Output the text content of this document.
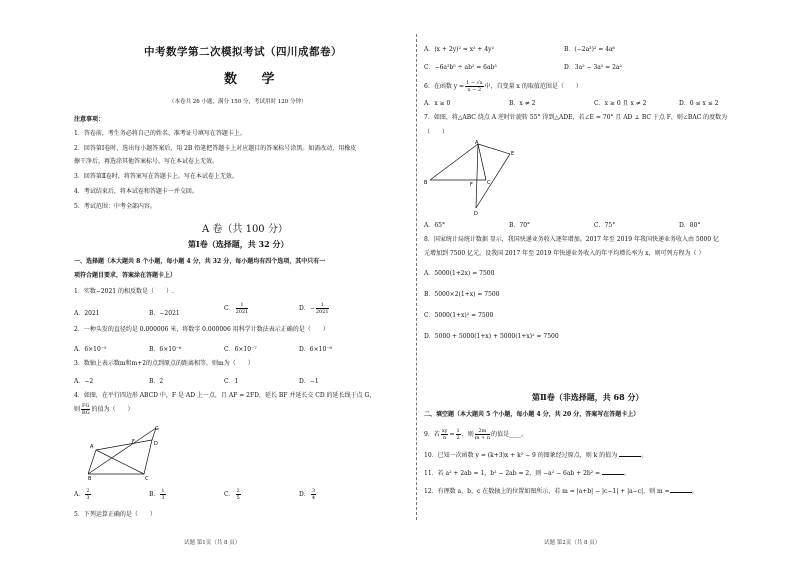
中考数学第二次模拟考试（四川成都卷）
数 学
（本卷共 26 小题，满分 150 分，考试用时 120 分钟）
注意事项：
1．答卷前，考生务必将自己的姓名、准考证号填写在答题卡上。
2．回答第Ⅰ卷时，选出每小题答案后，用 2B 铅笔把答题卡上对应题目的答案标号涂黑。如需改动，用橡皮
擦干净后，再选涂其他答案标号。写在本试卷上无效。
3．回答第Ⅱ卷时，将答案写在答题卡上。写在本试卷上无效。
4．考试结束后，将本试卷和答题卡一并交回。
5．考试范围：中考全部内容。
A 卷（共 100 分）
第Ⅰ卷（选择题，共 32 分）
一、选择题（本大题共 8 个小题，每小题 4 分，共 32 分，每小题均有四个选项，其中只有一
项符合题目要求，答案涂在答题卡上）
1．实数−2021 的相反数是（　　）.
A．2021	B．−2021
C． $\frac{1}{2021}$	D．− $\frac{1}{2021}$
2．一种头发的直径约是 0.000006 米，将数字 0.000006 用科学计数法表示正确的是（　　）
A．6×10⁻⁵	B．6×10⁻⁶	C．6×10⁻⁷	D．6×10⁻⁸
3．数轴上表示数m和m+2的点到原点的距离相等，则m为（　　）
A．−2	B．2	C．1	D．−1
4．如图，在平行四边形 ABCD 中，F 是 AD 上一点，且 AF = 2FD，延长 BF 并延长交 CD 的延长线于点 G，
则 $\frac{FG}{BG}$ 的值为（　　）
A
B	C
D
F
G
A． $\frac{2}{3}$	B． $\frac{1}{3}$	C． $\frac{2}{5}$	D． $\frac{3}{4}$
5．下列运算正确的是（　　）
试题 第1页（共 8 页）
A．(x + 2y)² = x² + 4y²	B．(−2a³)² = 4a⁶
C．−6a²b⁵ ÷ ab² = 6ab³	D．3a² − 3a² = 2a²
6．在函数 $y = \frac{1 - √x}{x - 2}$ 中，自变量 x 的取值范围是（　　）
A．x ≥ 0	B．x ≠ 2	C．x ≥ 0 且 x ≠ 2	D．0 ≤ x ≤ 2
7．如图，将△ABC 绕点 A 逆时针旋转 55° 得到△ADE，若∠E = 70° 且 AD ⊥ BC 于点 F，则∠BAC 的度数为
（　　）
A
B	C
D
E
F
A．65°	B．70°	C．75°	D．80°
8．国家统计局统计数据 显示，我国快递业务收入逐年增加。2017 年至 2019 年我国快递业务收入由 5000 亿
元增加到 7500 亿元。设我国 2017 年至 2019 年快递业务收入的年平均增长率为 x，则可列方程为（ ）
A．5000(1+2x) = 7500
B．5000×2(1+x) = 7500
C．5000(1+x)² = 7500
D．5000 + 5000(1+x) + 5000(1+x)² = 7500
第Ⅱ卷（非选择题，共 68 分）
二、填空题（本大题共 5 个小题，每小题 4 分，共 20 分，答案写在答题卡上）
9．若 $\frac{xy}{n} = \frac{1}{2}$ ，则 $\frac{2m}{m + n}$ 的值是____。
10．已知一次函数 y = (k+3)x + k² − 9 的图象经过原点，则 k 的值为	。
11．若 a² + 2ab = 1，b² − 2ab = 2，则 −a² − 6ab + 2b² =	。
12．有理数 a、b、c 在数轴上的位置如图所示，若 m = |a+b| − |c−1| + |a−c|，则 m =	。
试题 第2页（共 8 页）
